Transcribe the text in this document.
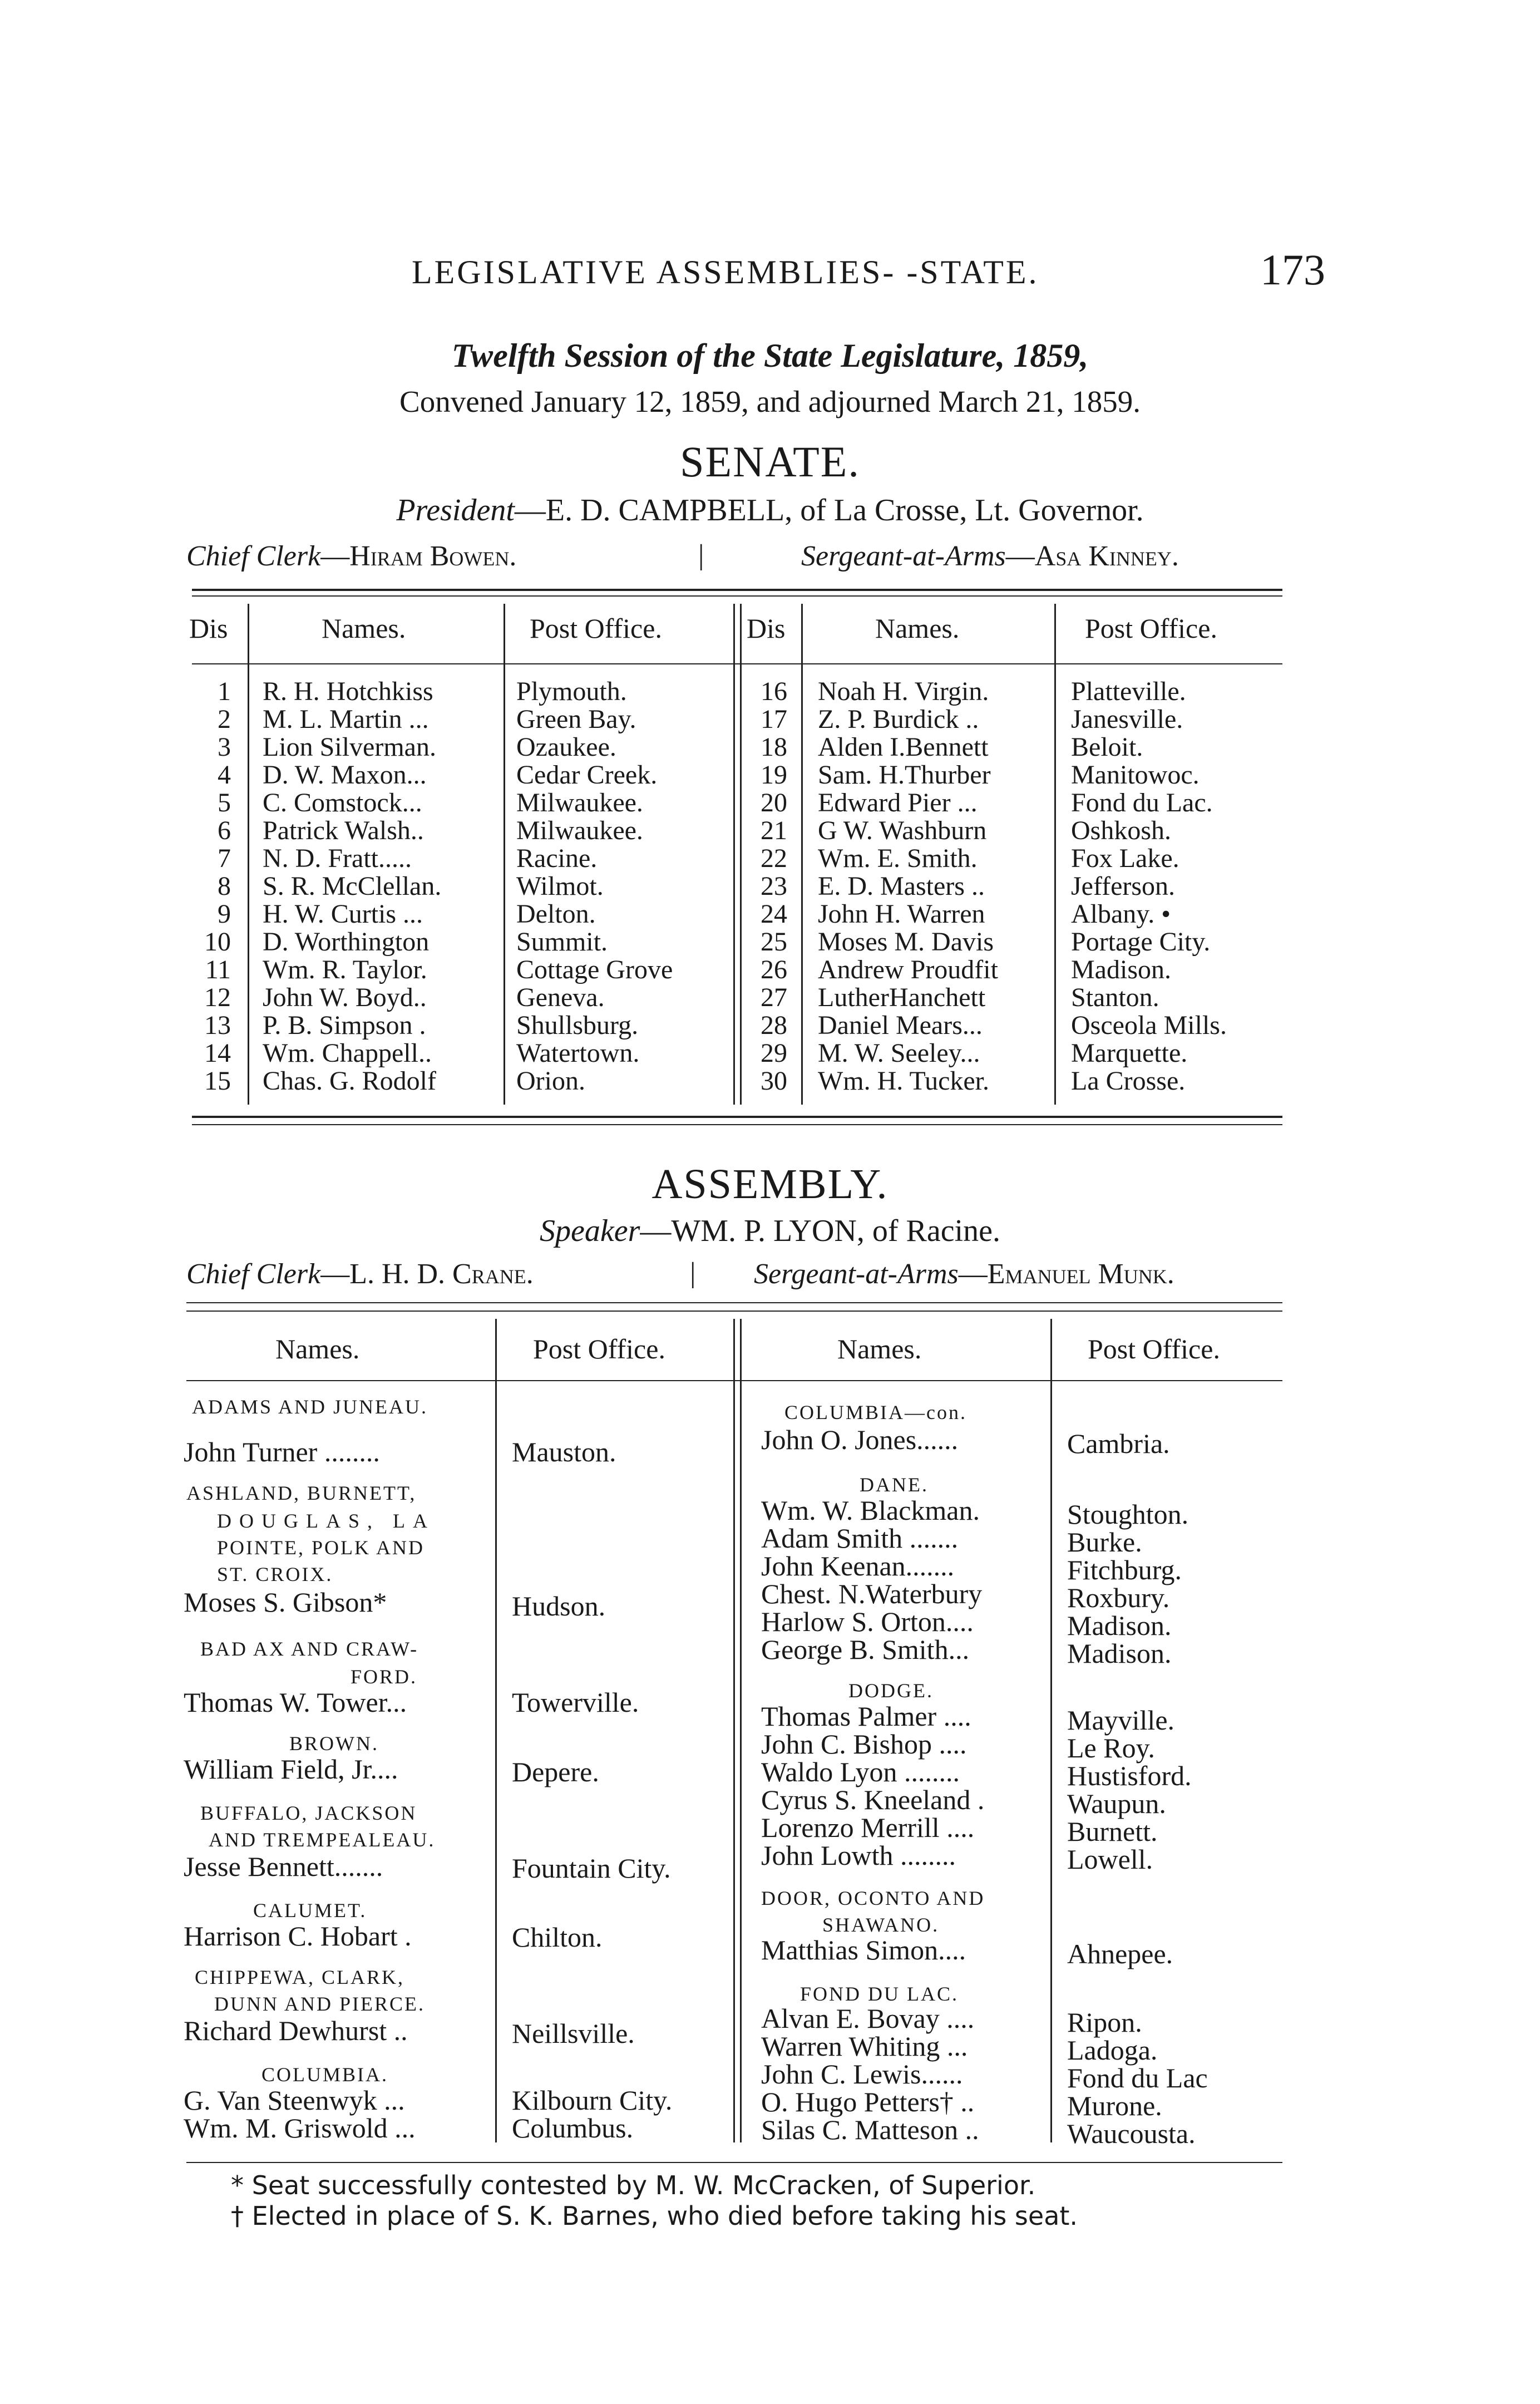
LEGISLATIVE ASSEMBLIES- -STATE.	173
Twelfth Session of the State Legislature, 1859,
Convened January 12, 1859, and adjourned March 21, 1859.
SENATE.
President—E. D. CAMPBELL, of La Crosse, Lt. Governor.
Chief Clerk—Hiram Bowen.	|	Sergeant-at-Arms—Asa Kinney.
Dis	Names.	Post Office.	Dis	Names.	Post Office.
1 R. H. Hotchkiss	Plymouth.
2 M. L. Martin ...	Green Bay.
3 Lion Silverman.	Ozaukee.
4 D. W. Maxon...	Cedar Creek.
5 C. Comstock...	Milwaukee.
6 Patrick Walsh..	Milwaukee.
7 N. D. Fratt.....	Racine.
8 S. R. McClellan.	Wilmot.
9 H. W. Curtis ...	Delton.
10 D. Worthington	Summit.
11 Wm. R. Taylor.	Cottage Grove
12 John W. Boyd..	Geneva.
13 P. B. Simpson .	Shullsburg.
14 Wm. Chappell..	Watertown.
15 Chas. G. Rodolf	Orion.
16 Noah H. Virgin.	Platteville.
17 Z. P. Burdick ..	Janesville.
18 Alden I.Bennett	Beloit.
19 Sam. H.Thurber	Manitowoc.
20 Edward Pier ...	Fond du Lac.
21 G W. Washburn	Oshkosh.
22 Wm. E. Smith.	Fox Lake.
23 E. D. Masters ..	Jefferson.
24 John H. Warren	Albany. •
25 Moses M. Davis	Portage City.
26 Andrew Proudfit	Madison.
27 LutherHanchett	Stanton.
28 Daniel Mears...	Osceola Mills.
29 M. W. Seeley...	Marquette.
30 Wm. H. Tucker.	La Crosse.
ASSEMBLY.
Speaker—WM. P. LYON, of Racine.
Chief Clerk—L. H. D. Crane.	| Sergeant-at-Arms—Emanuel Munk.
Names.	Post Office.	Names.	Post Office.
ADAMS AND JUNEAU.
John Turner ........	Mauston.
ASHLAND, BURNETT,
DOUGLAS, LA
POINTE, POLK AND
ST. CROIX.
Moses S. Gibson*	Hudson.
BAD AX AND CRAW-
FORD.
Thomas W. Tower...	Towerville.
BROWN.
William Field, Jr....	Depere.
BUFFALO, JACKSON
AND TREMPEALEAU.
Jesse Bennett.......	Fountain City.
CALUMET.
Harrison C. Hobart .	Chilton.
CHIPPEWA, CLARK,
DUNN AND PIERCE.
Richard Dewhurst ..	Neillsville.
COLUMBIA.
G. Van Steenwyk ...	Kilbourn City.
Wm. M. Griswold ...	Columbus.
COLUMBIA—con.
John O. Jones......	Cambria.
DANE.
Wm. W. Blackman.	Stoughton.
Adam Smith .......	Burke.
John Keenan.......	Fitchburg.
Chest. N.Waterbury	Roxbury.
Harlow S. Orton....	Madison.
George B. Smith...	Madison.
DODGE.
Thomas Palmer ....	Mayville.
John C. Bishop ....	Le Roy.
Waldo Lyon ........	Hustisford.
Cyrus S. Kneeland .	Waupun.
Lorenzo Merrill ....	Burnett.
John Lowth ........	Lowell.
DOOR, OCONTO AND
SHAWANO.
Matthias Simon....	Ahnepee.
FOND DU LAC.
Alvan E. Bovay ....	Ripon.
Warren Whiting ...	Ladoga.
John C. Lewis......	Fond du Lac
O. Hugo Petters† ..	Murone.
Silas C. Matteson ..	Waucousta.
* Seat successfully contested by M. W. McCracken, of Superior.
† Elected in place of S. K. Barnes, who died before taking his seat.
